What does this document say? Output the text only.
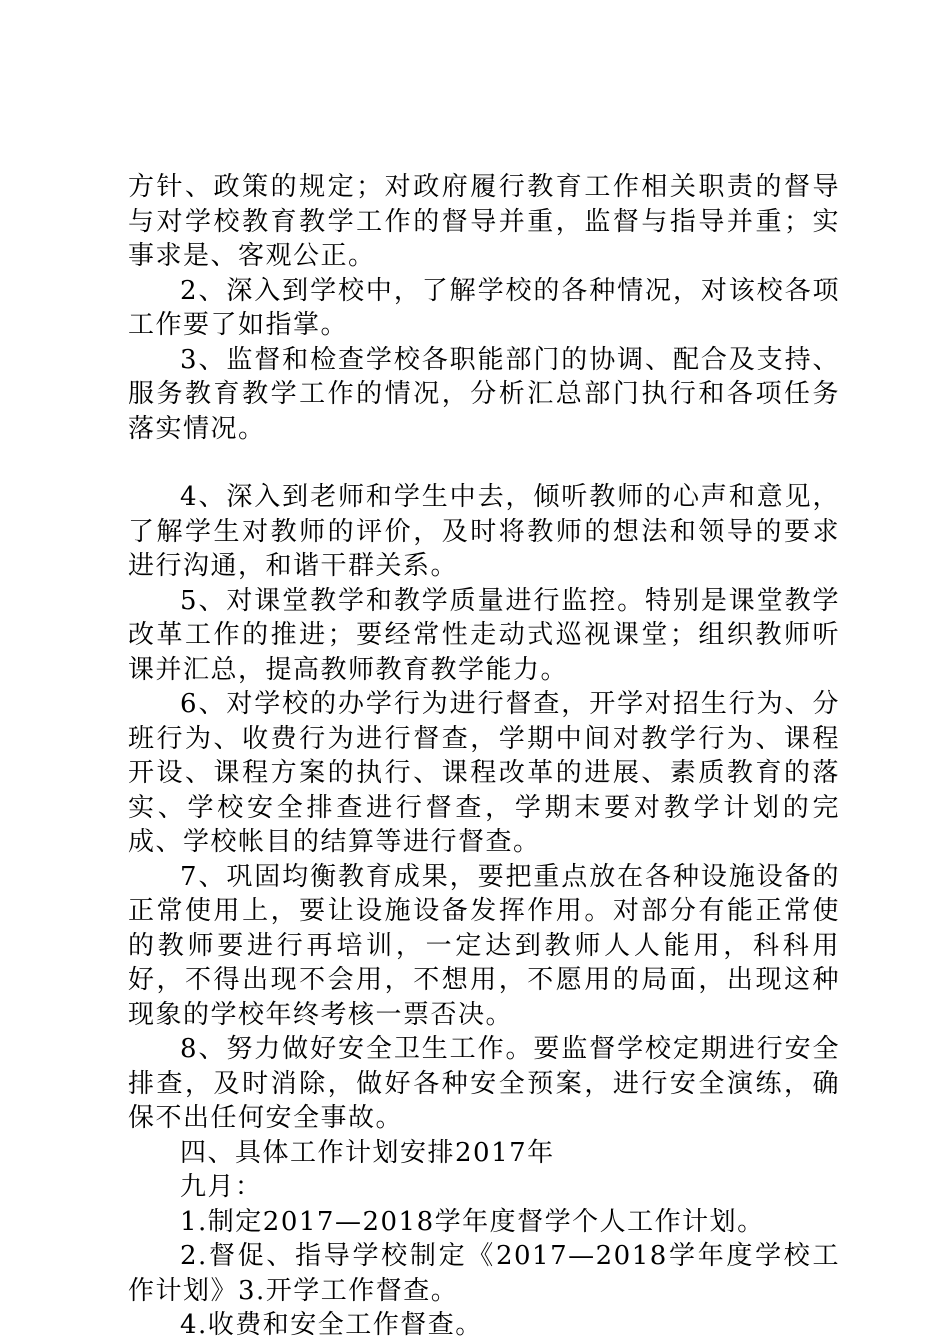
方针、政策的规定；对政府履行教育工作相关职责的督导与对学校教育教学工作的督导并重，监督与指导并重；实事求是、客观公正。

2、深入到学校中，了解学校的各种情况，对该校各项工作要了如指掌。

3、监督和检查学校各职能部门的协调、配合及支持、服务教育教学工作的情况，分析汇总部门执行和各项任务落实情况。

4、深入到老师和学生中去，倾听教师的心声和意见，了解学生对教师的评价，及时将教师的想法和领导的要求进行沟通，和谐干群关系。

5、对课堂教学和教学质量进行监控。特别是课堂教学改革工作的推进；要经常性走动式巡视课堂；组织教师听课并汇总，提高教师教育教学能力。

6、对学校的办学行为进行督查，开学对招生行为、分班行为、收费行为进行督查，学期中间对教学行为、课程开设、课程方案的执行、课程改革的进展、素质教育的落实、学校安全排查进行督查，学期末要对教学计划的完成、学校帐目的结算等进行督查。

7、巩固均衡教育成果，要把重点放在各种设施设备的正常使用上，要让设施设备发挥作用。对部分有能正常使的教师要进行再培训，一定达到教师人人能用，科科用好，不得出现不会用，不想用，不愿用的局面，出现这种现象的学校年终考核一票否决。

8、努力做好安全卫生工作。要监督学校定期进行安全排查，及时消除，做好各种安全预案，进行安全演练，确保不出任何安全事故。

四、具体工作计划安排2017年

九月：

1.制定2017—2018学年度督学个人工作计划。

2.督促、指导学校制定《2017—2018学年度学校工作计划》3.开学工作督查。

4.收费和安全工作督查。
